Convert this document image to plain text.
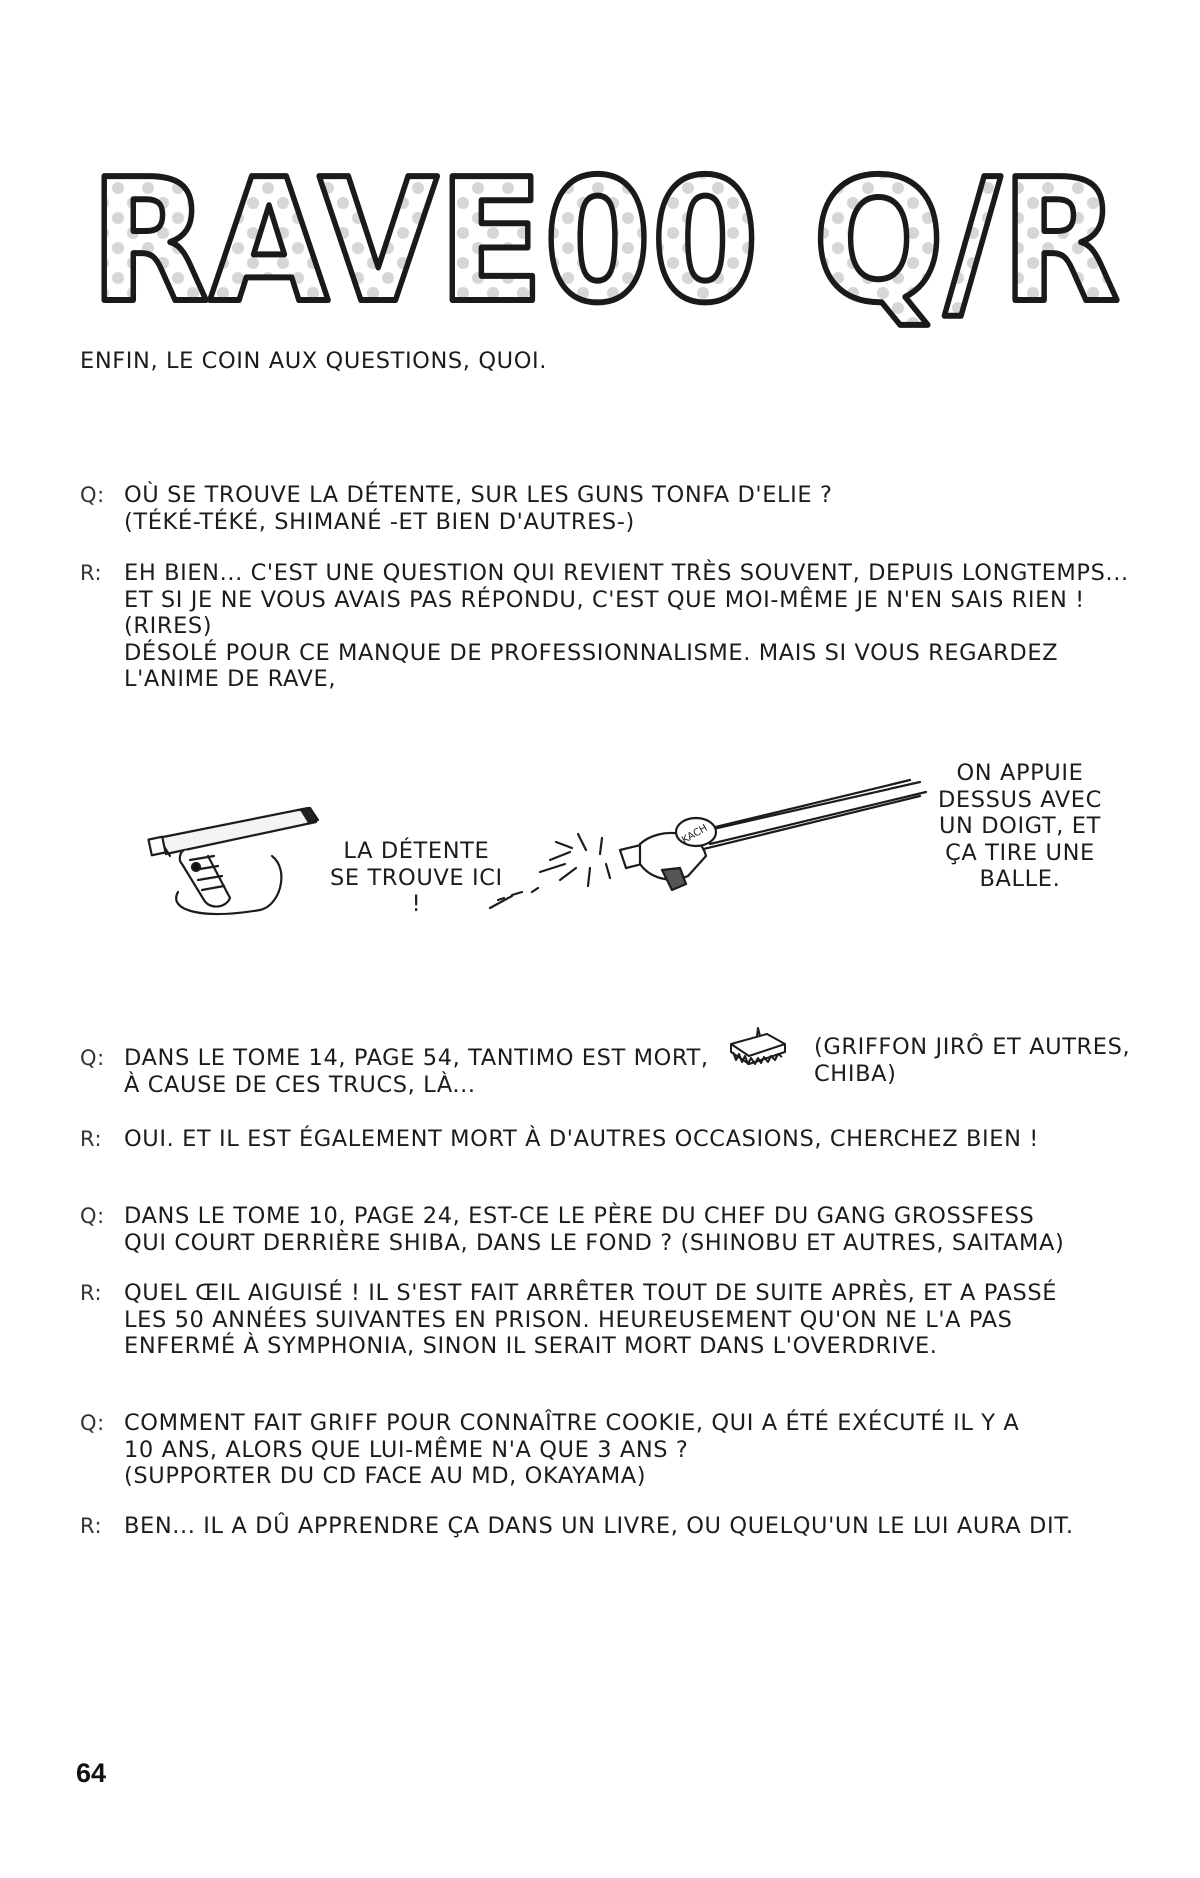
RAVE00 Q/R
ENFIN, LE COIN AUX QUESTIONS, QUOI.
Q: OÙ SE TROUVE LA DÉTENTE, SUR LES GUNS TONFA D'ELIE ?
(TÉKÉ-TÉKÉ, SHIMANÉ -ET BIEN D'AUTRES-)
R: EH BIEN... C'EST UNE QUESTION QUI REVIENT TRÈS SOUVENT, DEPUIS LONGTEMPS...
ET SI JE NE VOUS AVAIS PAS RÉPONDU, C'EST QUE MOI-MÊME JE N'EN SAIS RIEN !
(RIRES)
DÉSOLÉ POUR CE MANQUE DE PROFESSIONNALISME. MAIS SI VOUS REGARDEZ
L'ANIME DE RAVE,
KACH
LA DÉTENTE
SE TROUVE ICI
!
ON APPUIE
DESSUS AVEC
UN DOIGT, ET
ÇA TIRE UNE
BALLE.
Q: DANS LE TOME 14, PAGE 54, TANTIMO EST MORT,
À CAUSE DE CES TRUCS, LÀ...
(GRIFFON JIRÔ ET AUTRES,
CHIBA)
R: OUI. ET IL EST ÉGALEMENT MORT À D'AUTRES OCCASIONS, CHERCHEZ BIEN !
Q: DANS LE TOME 10, PAGE 24, EST-CE LE PÈRE DU CHEF DU GANG GROSSFESS
QUI COURT DERRIÈRE SHIBA, DANS LE FOND ? (SHINOBU ET AUTRES, SAITAMA)
R: QUEL ŒIL AIGUISÉ ! IL S'EST FAIT ARRÊTER TOUT DE SUITE APRÈS, ET A PASSÉ
LES 50 ANNÉES SUIVANTES EN PRISON. HEUREUSEMENT QU'ON NE L'A PAS
ENFERMÉ À SYMPHONIA, SINON IL SERAIT MORT DANS L'OVERDRIVE.
Q: COMMENT FAIT GRIFF POUR CONNAÎTRE COOKIE, QUI A ÉTÉ EXÉCUTÉ IL Y A
10 ANS, ALORS QUE LUI-MÊME N'A QUE 3 ANS ?
(SUPPORTER DU CD FACE AU MD, OKAYAMA)
R: BEN... IL A DÛ APPRENDRE ÇA DANS UN LIVRE, OU QUELQU'UN LE LUI AURA DIT.
64
